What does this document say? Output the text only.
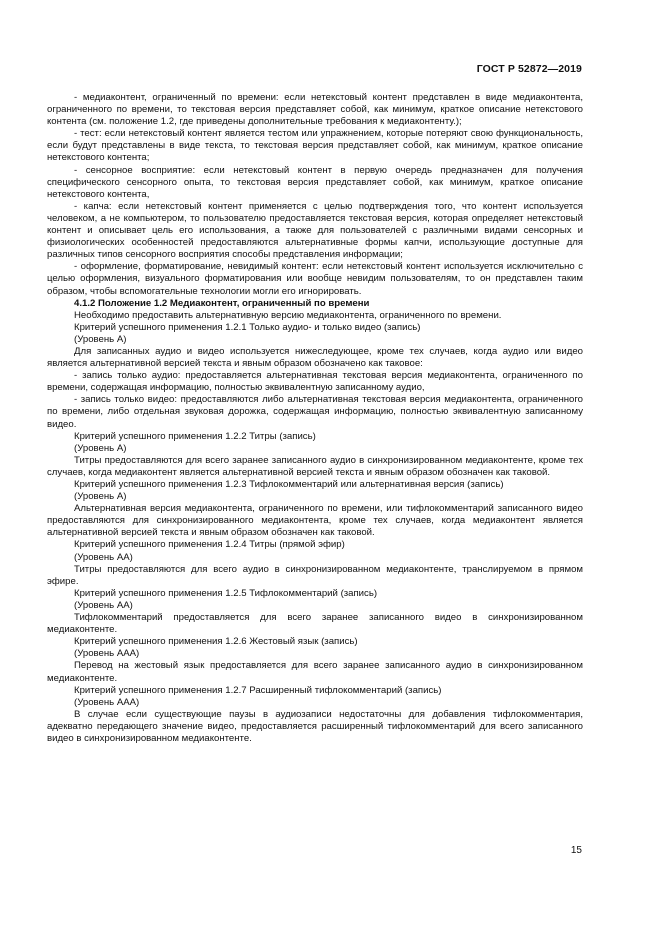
ГОСТ Р 52872—2019

- медиаконтент, ограниченный по времени: если нетекстовый контент представлен в виде медиаконтента, ограниченного по времени, то текстовая версия представляет собой, как минимум, краткое описание нетекстового контента (см. положение 1.2, где приведены дополнительные требования к медиаконтенту.);

- тест: если нетекстовый контент является тестом или упражнением, которые потеряют свою функциональность, если будут представлены в виде текста, то текстовая версия представляет собой, как минимум, краткое описание нетекстового контента;

- сенсорное восприятие: если нетекстовый контент в первую очередь предназначен для получения специфического сенсорного опыта, то текстовая версия представляет собой, как минимум, краткое описание нетекстового контента,

- капча: если нетекстовый контент применяется с целью подтверждения того, что контент используется человеком, а не компьютером, то пользователю предоставляется текстовая версия, которая определяет нетекстовый контент и описывает цель его использования, а также для пользователей с различными видами сенсорных и физиологических особенностей предоставляются альтернативные формы капчи, использующие доступные для различных типов сенсорного восприятия способы представления информации;

- оформление, форматирование, невидимый контент: если нетекстовый контент используется исключительно с целью оформления, визуального форматирования или вообще невидим пользователям, то он представлен таким образом, чтобы вспомогательные технологии могли его игнорировать.

4.1.2 Положение 1.2 Медиаконтент, ограниченный по времени

Необходимо предоставить альтернативную версию медиаконтента, ограниченного по времени.

Критерий успешного применения 1.2.1 Только аудио- и только видео (запись)

(Уровень А)

Для записанных аудио и видео используется нижеследующее, кроме тех случаев, когда аудио или видео является альтернативной версией текста и явным образом обозначено как таковое:

- запись только аудио: предоставляется альтернативная текстовая версия медиаконтента, ограниченного по времени, содержащая информацию, полностью эквивалентную записанному аудио,

- запись только видео: предоставляются либо альтернативная текстовая версия медиаконтента, ограниченного по времени, либо отдельная звуковая дорожка, содержащая информацию, полностью эквивалентную записанному видео.

Критерий успешного применения 1.2.2 Титры (запись)

(Уровень А)

Титры предоставляются для всего заранее записанного аудио в синхронизированном медиаконтенте, кроме тех случаев, когда медиаконтент является альтернативной версией текста и явным образом обозначен как таковой.

Критерий успешного применения 1.2.3 Тифлокомментарий или альтернативная версия (запись)

(Уровень А)

Альтернативная версия медиаконтента, ограниченного по времени, или тифлокомментарий записанного видео предоставляются для синхронизированного медиаконтента, кроме тех случаев, когда медиаконтент является альтернативной версией текста и явным образом обозначен как таковой.

Критерий успешного применения 1.2.4 Титры (прямой эфир)

(Уровень АА)

Титры предоставляются для всего аудио в синхронизированном медиаконтенте, транслируемом в прямом эфире.

Критерий успешного применения 1.2.5 Тифлокомментарий (запись)

(Уровень АА)

Тифлокомментарий предоставляется для всего заранее записанного видео в синхронизированном медиаконтенте.

Критерий успешного применения 1.2.6 Жестовый язык (запись)

(Уровень ААА)

Перевод на жестовый язык предоставляется для всего заранее записанного аудио в синхронизированном медиаконтенте.

Критерий успешного применения 1.2.7 Расширенный тифлокомментарий (запись)

(Уровень ААА)

В случае если существующие паузы в аудиозаписи недостаточны для добавления тифлокомментария, адекватно передающего значение видео, предоставляется расширенный тифлокомментарий для всего записанного видео в синхронизированном медиаконтенте.

15
